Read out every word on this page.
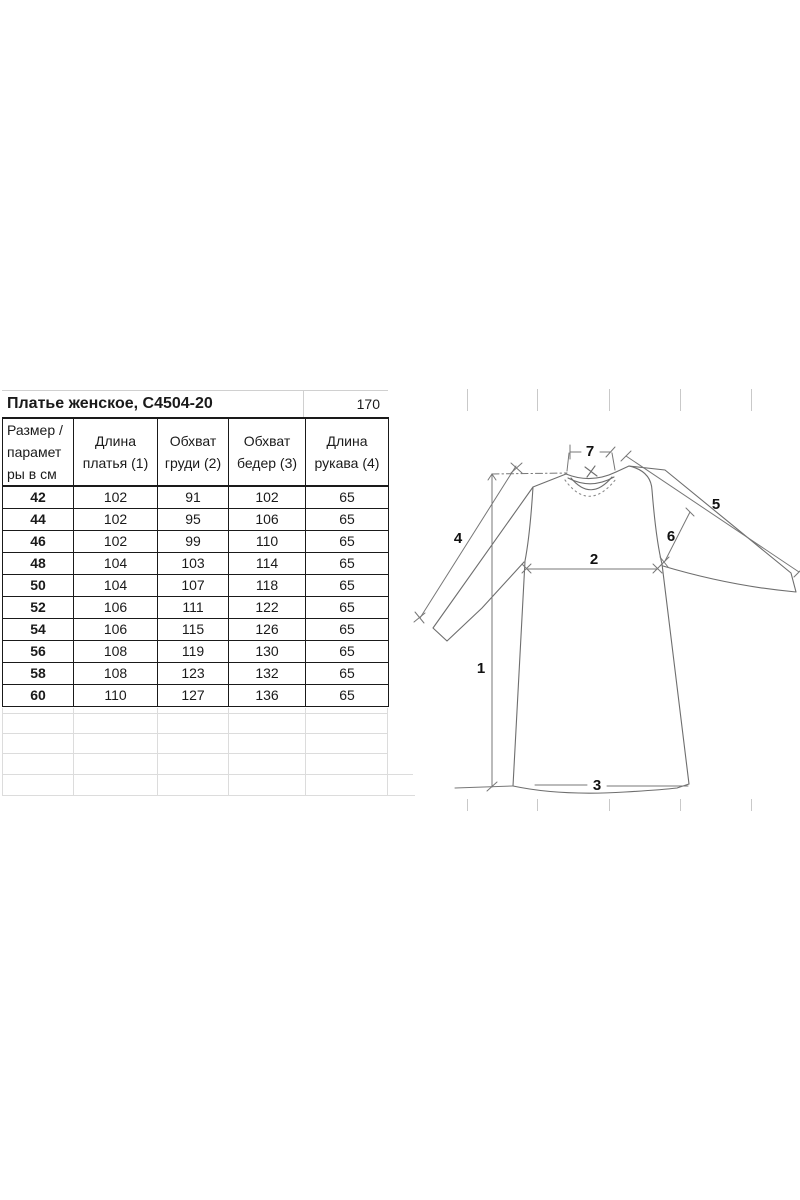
Платье женское, С4504-20	170
Размер /
парамет
ры в см

Длина
платья (1)

Обхват
груди (2)

Обхват
бедер (3)

Длина
рукава (4)

42	102	91	102	65
44	102	95	106	65
46	102	99	110	65
48	104	103	114	65
50	104	107	118	65
52	106	111	122	65
54	106	115	126	65
56	108	119	130	65
58	108	123	132	65
60	110	127	136	65
1
2
3
4
5
6
7
